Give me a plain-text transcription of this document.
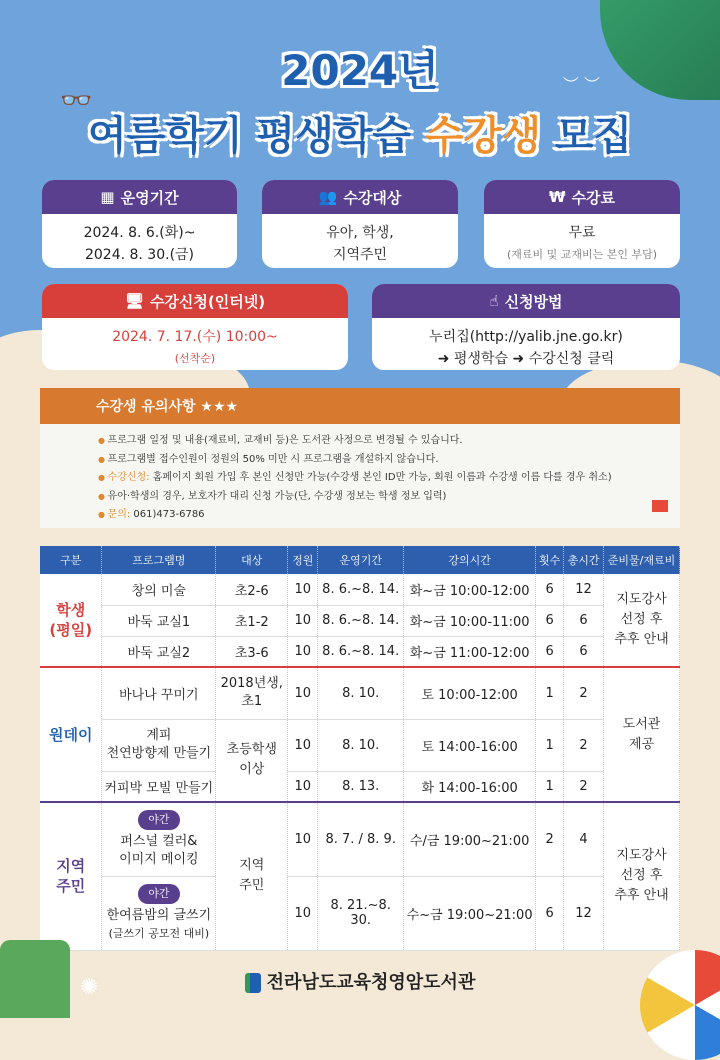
︶ ︶
👓
2024년
여름학기 평생학습 수강생 모집
▦ 운영기간
2024. 8. 6.(화)~
2024. 8. 30.(금)
👥 수강대상
유아, 학생,
지역주민
₩ 수강료
무료
(재료비 및 교재비는 본인 부담)
🖥 수강신청(인터넷)
2024. 7. 17.(수) 10:00~
(선착순)
☝ 신청방법
누리집(http://yalib.jne.go.kr)
➜ 평생학습 ➜ 수강신청 클릭
수강생 유의사항 ★★★
● 프로그램 일정 및 내용(재료비, 교재비 등)은 도서관 사정으로 변경될 수 있습니다.
● 프로그램별 접수인원이 정원의 50% 미만 시 프로그램을 개설하지 않습니다.
● 수강신청: 홈페이지 회원 가입 후 본인 신청만 가능(수강생 본인 ID만 가능, 회원 이름과 수강생 이름 다를 경우 취소)
● 유아·학생의 경우, 보호자가 대리 신청 가능(단, 수강생 정보는 학생 정보 입력)
● 문의: 061)473-6786
구분	프로그램명	대상	정원	운영기간	강의시간	횟수	총시간	준비물/재료비
학생
(평일)	창의 미술	초2-6	10	8. 6.~8. 14.	화~금 10:00-12:00	6	12	지도강사
선정 후
추후 안내
	바둑 교실1	초1-2	10	8. 6.~8. 14.	화~금 10:00-11:00	6	6	
	바둑 교실2	초3-6	10	8. 6.~8. 14.	화~금 11:00-12:00	6	6	
원데이	바나나 꾸미기	2018년생,
초1	10	8. 10.	토 10:00-12:00	1	2	도서관
제공
	계피
천연방향제 만들기	초등학생
이상	10	8. 10.	토 14:00-16:00	1	2	
	커피박 모빌 만들기		10	8. 13.	화 14:00-16:00	1	2	
지역
주민	야간
퍼스널 컬러&
이미지 메이킹	지역
주민	10	8. 7. / 8. 9.	수/금 19:00~21:00	2	4	지도강사
선정 후
추후 안내
	야간
한여름밤의 글쓰기
(글쓰기 공모전 대비)		10	8. 21.~8. 30.	수~금 19:00~21:00	6	12	
✺	전라남도교육청영암도서관
